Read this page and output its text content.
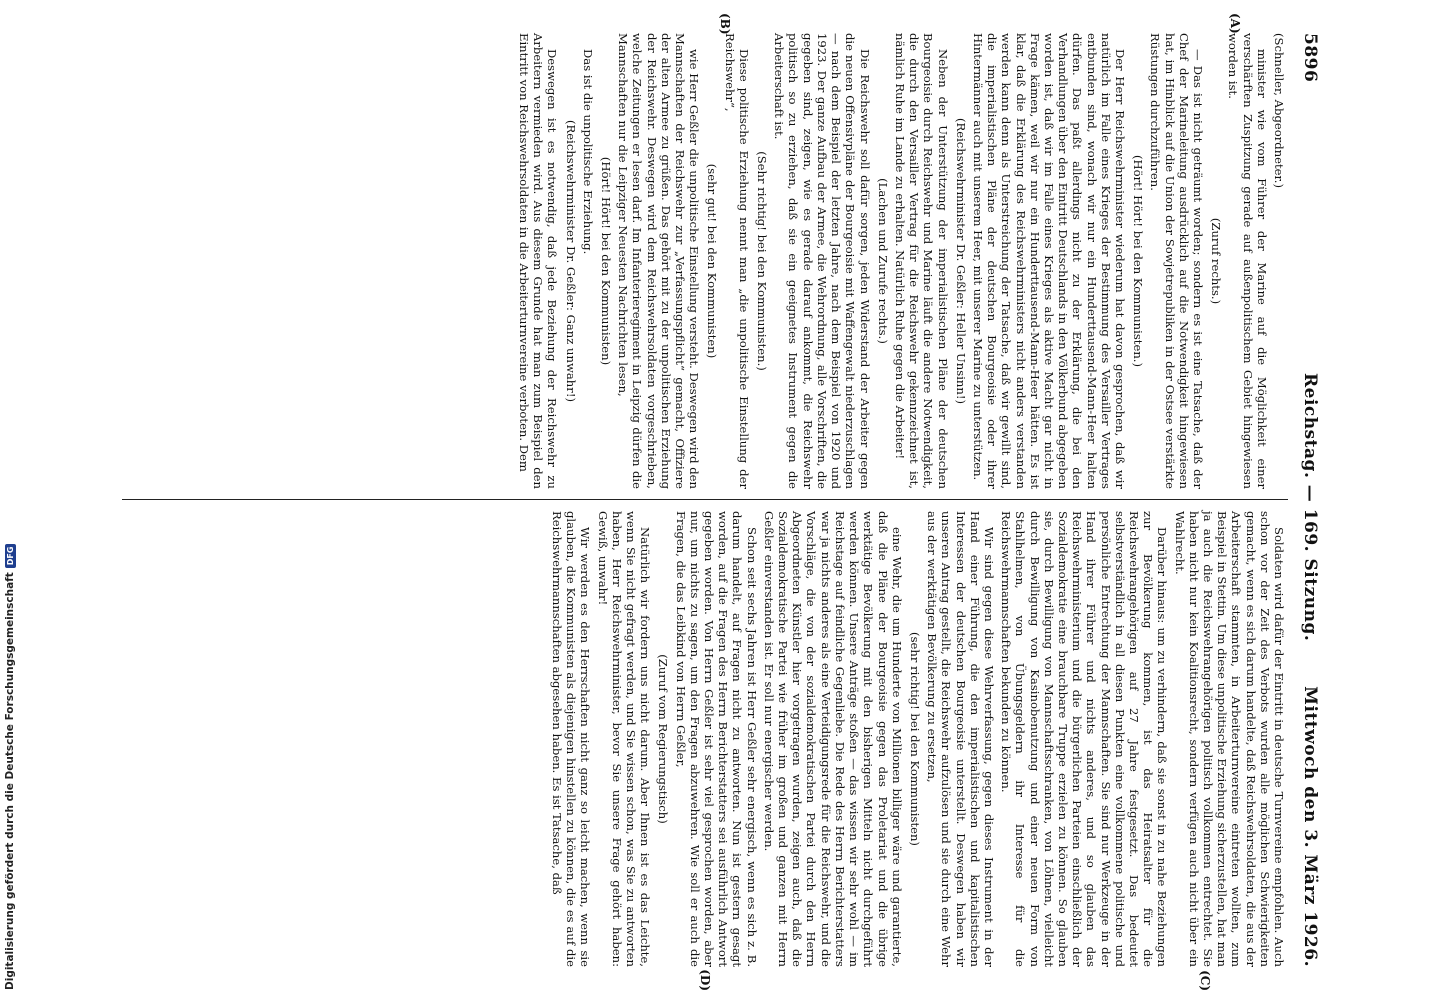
5896
Reichstag. — 169. Sitzung.
Mittwoch den 3. März 1926.
(A)
(B)
(C)
(D)

(Schneller, Abgeordneter.)

minister wie vom Führer der Marine auf die Möglichkeit einer verschärften Zuspitzung gerade auf außenpolitischem Gebiet hingewiesen worden ist.

(Zuruf rechts.)

— Das ist nicht geträumt worden; sondern es ist eine Tatsache, daß der Chef der Marineleitung ausdrücklich auf die Notwendigkeit hingewiesen hat, im Hinblick auf die Union der Sowjetrepubliken in der Ostsee verstärkte Rüstungen durchzuführen.

(Hört! Hört! bei den Kommunisten.)

Der Herr Reichswehrminister wiederum hat davon gesprochen, daß wir natürlich im Falle eines Krieges der Bestimmung des Versailler Vertrages entbunden sind, wonach wir nur ein Hunderttausend-Mann-Heer halten dürfen. Das paßt allerdings nicht zu der Erklärung, die bei den Verhandlungen über den Eintritt Deutschlands in den Völkerbund abgegeben worden ist, daß wir im Falle eines Krieges als aktive Macht gar nicht in Frage kämen, weil wir nur ein Hunderttausend-Mann-Heer hätten. Es ist klar, daß die Erklärung des Reichswehrministers nicht anders verstanden werden kann denn als Unterstreichung der Tatsache, daß wir gewillt sind, die imperialistischen Pläne der deutschen Bourgeoisie oder ihrer Hintermänner auch mit unserem Heer, mit unserer Marine zu unterstützen.

(Reichswehrminister Dr. Geßler: Heller Unsinn!)

Neben der Unterstützung der imperialistischen Pläne der deutschen Bourgeoisie durch Reichswehr und Marine läuft die andere Notwendigkeit, die durch den Versailler Vertrag für die Reichswehr gekennzeichnet ist, nämlich Ruhe im Lande zu erhalten. Natürlich Ruhe gegen die Arbeiter!

(Lachen und Zurufe rechts.)

Die Reichswehr soll dafür sorgen, jeden Widerstand der Arbeiter gegen die neuen Offensivpläne der Bourgeoisie mit Waffengewalt niederzuschlagen — nach dem Beispiel der letzten Jahre, nach dem Beispiel von 1920 und 1923. Der ganze Aufbau der Armee, die Wehrordnung, alle Vorschriften, die gegeben sind, zeigen, wie es gerade darauf ankommt, die Reichswehr politisch so zu erziehen, daß sie ein geeignetes Instrument gegen die Arbeiterschaft ist.

(Sehr richtig! bei den Kommunisten.)

Diese politische Erziehung nennt man „die unpolitische Einstellung der Reichswehr“,

(sehr gut! bei den Kommunisten)

wie Herr Geßler die unpolitische Einstellung versteht. Deswegen wird den Mannschaften der Reichswehr zur „Verfassungspflicht“ gemacht, Offiziere der alten Armee zu grüßen. Das gehört mit zu der unpolitischen Erziehung der Reichswehr. Deswegen wird dem Reichswehrsoldaten vorgeschrieben, welche Zeitungen er lesen darf. Im Infanterieregiment in Leipzig dürfen die Mannschaften nur die Leipziger Neuesten Nachrichten lesen,

(Hört! Hört! bei den Kommunisten)

Das ist die unpolitische Erziehung.

(Reichswehrminister Dr. Geßler: Ganz unwahr!)

Deswegen ist es notwendig, daß jede Beziehung der Reichswehr zu Arbeitern vermieden wird. Aus diesem Grunde hat man zum Beispiel den Eintritt von Reichswehrsoldaten in die Arbeiterturnvereine verboten. Dem

Soldaten wird dafür der Eintritt in deutsche Turnvereine empfohlen. Auch schon vor der Zeit des Verbots wurden alle möglichen Schwierigkeiten gemacht, wenn es sich darum handelte, daß Reichswehrsoldaten, die aus der Arbeiterschaft stammten, in Arbeiterturnvereine eintreten wollten, zum Beispiel in Stettin. Um diese unpolitische Erziehung sicherzustellen, hat man ja auch die Reichswehrangehörigen politisch vollkommen entrechtet. Sie haben nicht nur kein Koalitionsrecht, sondern verfügen auch nicht über ein Wahlrecht.

Darüber hinaus: um zu verhindern, daß sie sonst in zu nahe Beziehungen zur Bevölkerung kommen, ist das Heiratsalter für die Reichswehrangehörigen auf 27 Jahre festgesetzt. Das bedeutet selbstverständlich in all diesen Punkten eine vollkommene politische und persönliche Entrechtung der Mannschaften. Sie sind nur Werkzeuge in der Hand ihrer Führer und nichts anderes, und so glauben das Reichswehrministerium und die bürgerlichen Parteien einschließlich der Sozialdemokratie eine brauchbare Truppe erzielen zu können. So glauben sie, durch Bewilligung von Mannschaftsschranken, von Löhnen, vielleicht durch Bewilligung von Kasinobenutzung und einer neuen Form von Stahlhelmen, von Übungsgeldern ihr Interesse für die Reichswehrmannschaften bekunden zu können.

Wir sind gegen diese Wehrverfassung, gegen dieses Instrument in der Hand einer Führung, die den imperialistischen und kapitalistischen Interessen der deutschen Bourgeoisie unterstellt. Deswegen haben wir unseren Antrag gestellt, die Reichswehr aufzulösen und sie durch eine Wehr aus der werktätigen Bevölkerung zu ersetzen,

(sehr richtig! bei den Kommunisten)

eine Wehr, die um Hunderte von Millionen billiger wäre und garantierte, daß die Pläne der Bourgeoisie gegen das Proletariat und die übrige werktätige Bevölkerung mit den bisherigen Mitteln nicht durchgeführt werden können. Unsere Anträge stoßen — das wissen wir sehr wohl — im Reichstage auf feindliche Gegenliebe. Die Rede des Herrn Berichterstatters war ja nichts anderes als eine Verteidigungsrede für die Reichswehr, und die Vorschläge, die von der sozialdemokratischen Partei durch den Herrn Abgeordneten Künstler hier vorgetragen wurden, zeigen auch, daß die Sozialdemokratische Partei wie früher im großen und ganzen mit Herrn Geßler einverstanden ist. Er soll nur energischer werden.

Schon seit sechs Jahren ist Herr Geßler sehr energisch, wenn es sich z. B. darum handelt, auf Fragen nicht zu antworten. Nun ist gestern gesagt worden, auf die Fragen des Herrn Berichterstatters sei ausführlich Antwort gegeben worden. Von Herrn Geßler ist sehr viel gesprochen worden, aber nur, um nichts zu sagen, um den Fragen abzuwehren. Wie soll er auch die Fragen, die das Leibkind von Herrn Geßler,

(Zuruf vom Regierungstisch)

Natürlich wir fordern uns nicht darum. Aber Ihnen ist es das Leichte, wenn Sie nicht gefragt werden, und Sie wissen schon, was Sie zu antworten haben, Herr Reichswehrminister, bevor Sie unsere Frage gehört haben: Gewiß, unwahr!

Wir werden es den Herrschaften nicht ganz so leicht machen, wenn sie glauben, die Kommunisten als diejenigen hinstellen zu können, die es auf die Reichswehrmannschaften abgesehen haben. Es ist Tatsache, daß

Digitalisierung gefördert durch die Deutsche Forschungsgemeinschaft
DFG
